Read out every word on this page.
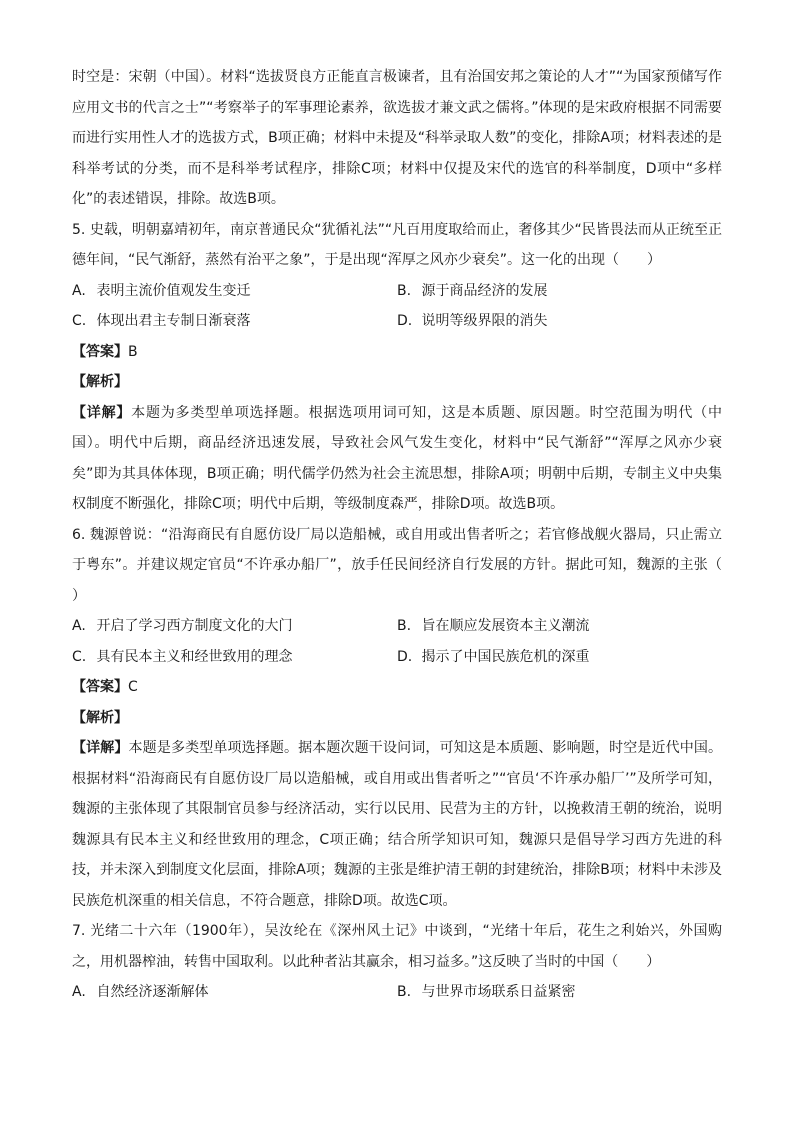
时空是：宋朝（中国）。材料“选拔贤良方正能直言极谏者，且有治国安邦之策论的人才”“为国家预储写作应用文书的代言之士”“考察举子的军事理论素养，欲选拔才兼文武之儒将。”体现的是宋政府根据不同需要而进行实用性人才的选拔方式，B项正确；材料中未提及“科举录取人数”的变化，排除A项；材料表述的是科举考试的分类，而不是科举考试程序，排除C项；材料中仅提及宋代的选官的科举制度，D项中“多样化”的表述错误，排除。故选B项。

5. 史载，明朝嘉靖初年，南京普通民众“犹循礼法”“凡百用度取给而止，奢侈其少“民皆畏法而从正统至正德年间，“民气渐舒，蒸然有治平之象”，于是出现“浑厚之风亦少衰矣”。这一化的出现（　　）

A. 表明主流价值观发生变迁	B. 源于商品经济的发展
C. 体现出君主专制日渐衰落	D. 说明等级界限的消失
【答案】B
【解析】

【详解】本题为多类型单项选择题。根据选项用词可知，这是本质题、原因题。时空范围为明代（中国）。明代中后期，商品经济迅速发展，导致社会风气发生变化，材料中“民气渐舒”“浑厚之风亦少衰矣”即为其具体体现，B项正确；明代儒学仍然为社会主流思想，排除A项；明朝中后期，专制主义中央集权制度不断强化，排除C项；明代中后期，等级制度森严，排除D项。故选B项。

6. 魏源曾说：“沿海商民有自愿仿设厂局以造船械，或自用或出售者听之；若官修战舰火器局，只止需立于粤东”。并建议规定官员“不许承办船厂”，放手任民间经济自行发展的方针。据此可知，魏源的主张（　　）

A. 开启了学习西方制度文化的大门	B. 旨在顺应发展资本主义潮流
C. 具有民本主义和经世致用的理念	D. 揭示了中国民族危机的深重
【答案】C
【解析】

【详解】本题是多类型单项选择题。据本题次题干设问词，可知这是本质题、影响题，时空是近代中国。根据材料“沿海商民有自愿仿设厂局以造船械，或自用或出售者听之”“官员‘不许承办船厂’”及所学可知，魏源的主张体现了其限制官员参与经济活动，实行以民用、民营为主的方针，以挽救清王朝的统治，说明魏源具有民本主义和经世致用的理念，C项正确；结合所学知识可知，魏源只是倡导学习西方先进的科技，并未深入到制度文化层面，排除A项；魏源的主张是维护清王朝的封建统治，排除B项；材料中未涉及民族危机深重的相关信息，不符合题意，排除D项。故选C项。

7. 光绪二十六年（1900年），吴汝纶在《深州风土记》中谈到，“光绪十年后，花生之利始兴，外国购之，用机器榨油，转售中国取利。以此种者沾其赢余，相习益多。”这反映了当时的中国（　　）

A. 自然经济逐渐解体	B. 与世界市场联系日益紧密
